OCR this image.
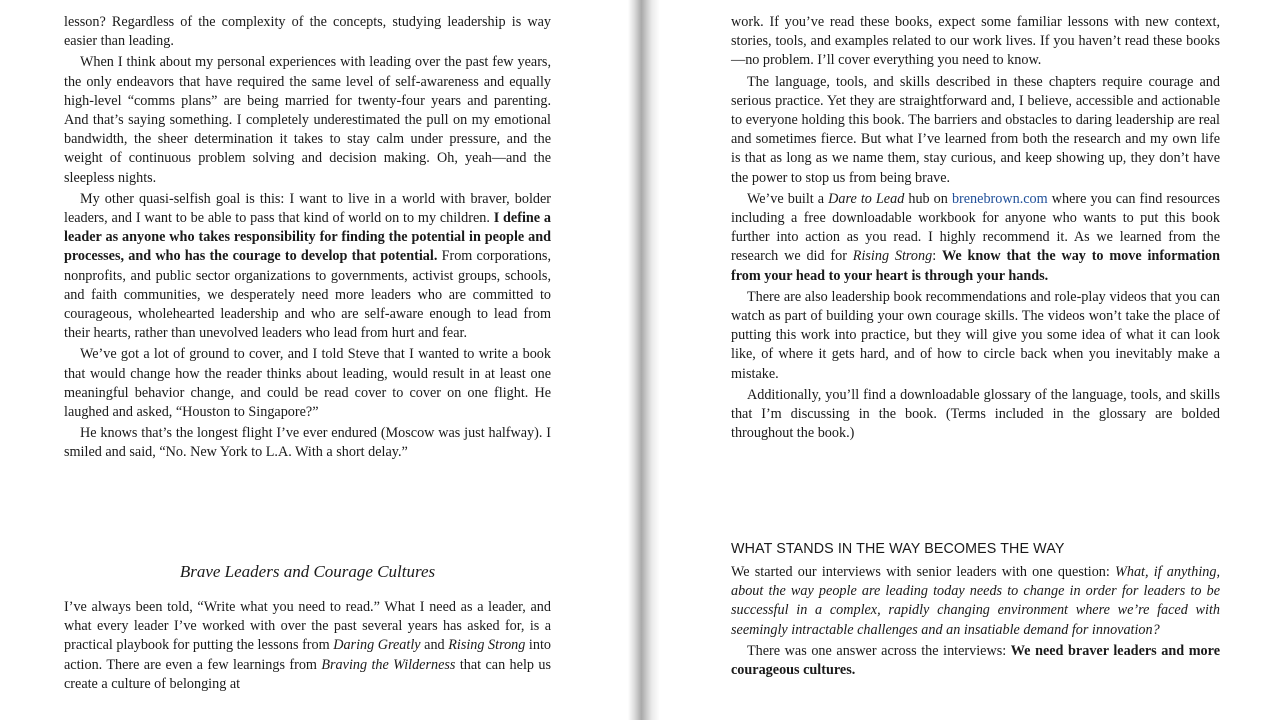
lesson? Regardless of the complexity of the concepts, studying leadership is way easier than leading.

When I think about my personal experiences with leading over the past few years, the only endeavors that have required the same level of self-awareness and equally high-level “comms plans” are being married for twenty-four years and parenting. And that’s saying something. I completely underestimated the pull on my emotional bandwidth, the sheer determination it takes to stay calm under pressure, and the weight of continuous problem solving and decision making. Oh, yeah—and the sleepless nights.

My other quasi-selfish goal is this: I want to live in a world with braver, bolder leaders, and I want to be able to pass that kind of world on to my children. I define a leader as anyone who takes responsibility for finding the potential in people and processes, and who has the courage to develop that potential. From corporations, nonprofits, and public sector organizations to governments, activist groups, schools, and faith communities, we desperately need more leaders who are committed to courageous, wholehearted leadership and who are self-aware enough to lead from their hearts, rather than unevolved leaders who lead from hurt and fear.

We’ve got a lot of ground to cover, and I told Steve that I wanted to write a book that would change how the reader thinks about leading, would result in at least one meaningful behavior change, and could be read cover to cover on one flight. He laughed and asked, “Houston to Singapore?”

He knows that’s the longest flight I’ve ever endured (Moscow was just halfway). I smiled and said, “No. New York to L.A. With a short delay.”

Brave Leaders and Courage Cultures

I’ve always been told, “Write what you need to read.” What I need as a leader, and what every leader I’ve worked with over the past several years has asked for, is a practical playbook for putting the lessons from Daring Greatly and Rising Strong into action. There are even a few learnings from Braving the Wilderness that can help us create a culture of belonging at

work. If you’ve read these books, expect some familiar lessons with new context, stories, tools, and examples related to our work lives. If you haven’t read these books—no problem. I’ll cover everything you need to know.

The language, tools, and skills described in these chapters require courage and serious practice. Yet they are straightforward and, I believe, accessible and actionable to everyone holding this book. The barriers and obstacles to daring leadership are real and sometimes fierce. But what I’ve learned from both the research and my own life is that as long as we name them, stay curious, and keep showing up, they don’t have the power to stop us from being brave.

We’ve built a Dare to Lead hub on brenebrown.com where you can find resources including a free downloadable workbook for anyone who wants to put this book further into action as you read. I highly recommend it. As we learned from the research we did for Rising Strong: We know that the way to move information from your head to your heart is through your hands.

There are also leadership book recommendations and role-play videos that you can watch as part of building your own courage skills. The videos won’t take the place of putting this work into practice, but they will give you some idea of what it can look like, of where it gets hard, and of how to circle back when you inevitably make a mistake.

Additionally, you’ll find a downloadable glossary of the language, tools, and skills that I’m discussing in the book. (Terms included in the glossary are bolded throughout the book.)

WHAT STANDS IN THE WAY BECOMES THE WAY

We started our interviews with senior leaders with one question: What, if anything, about the way people are leading today needs to change in order for leaders to be successful in a complex, rapidly changing environment where we’re faced with seemingly intractable challenges and an insatiable demand for innovation?

There was one answer across the interviews: We need braver leaders and more courageous cultures.
